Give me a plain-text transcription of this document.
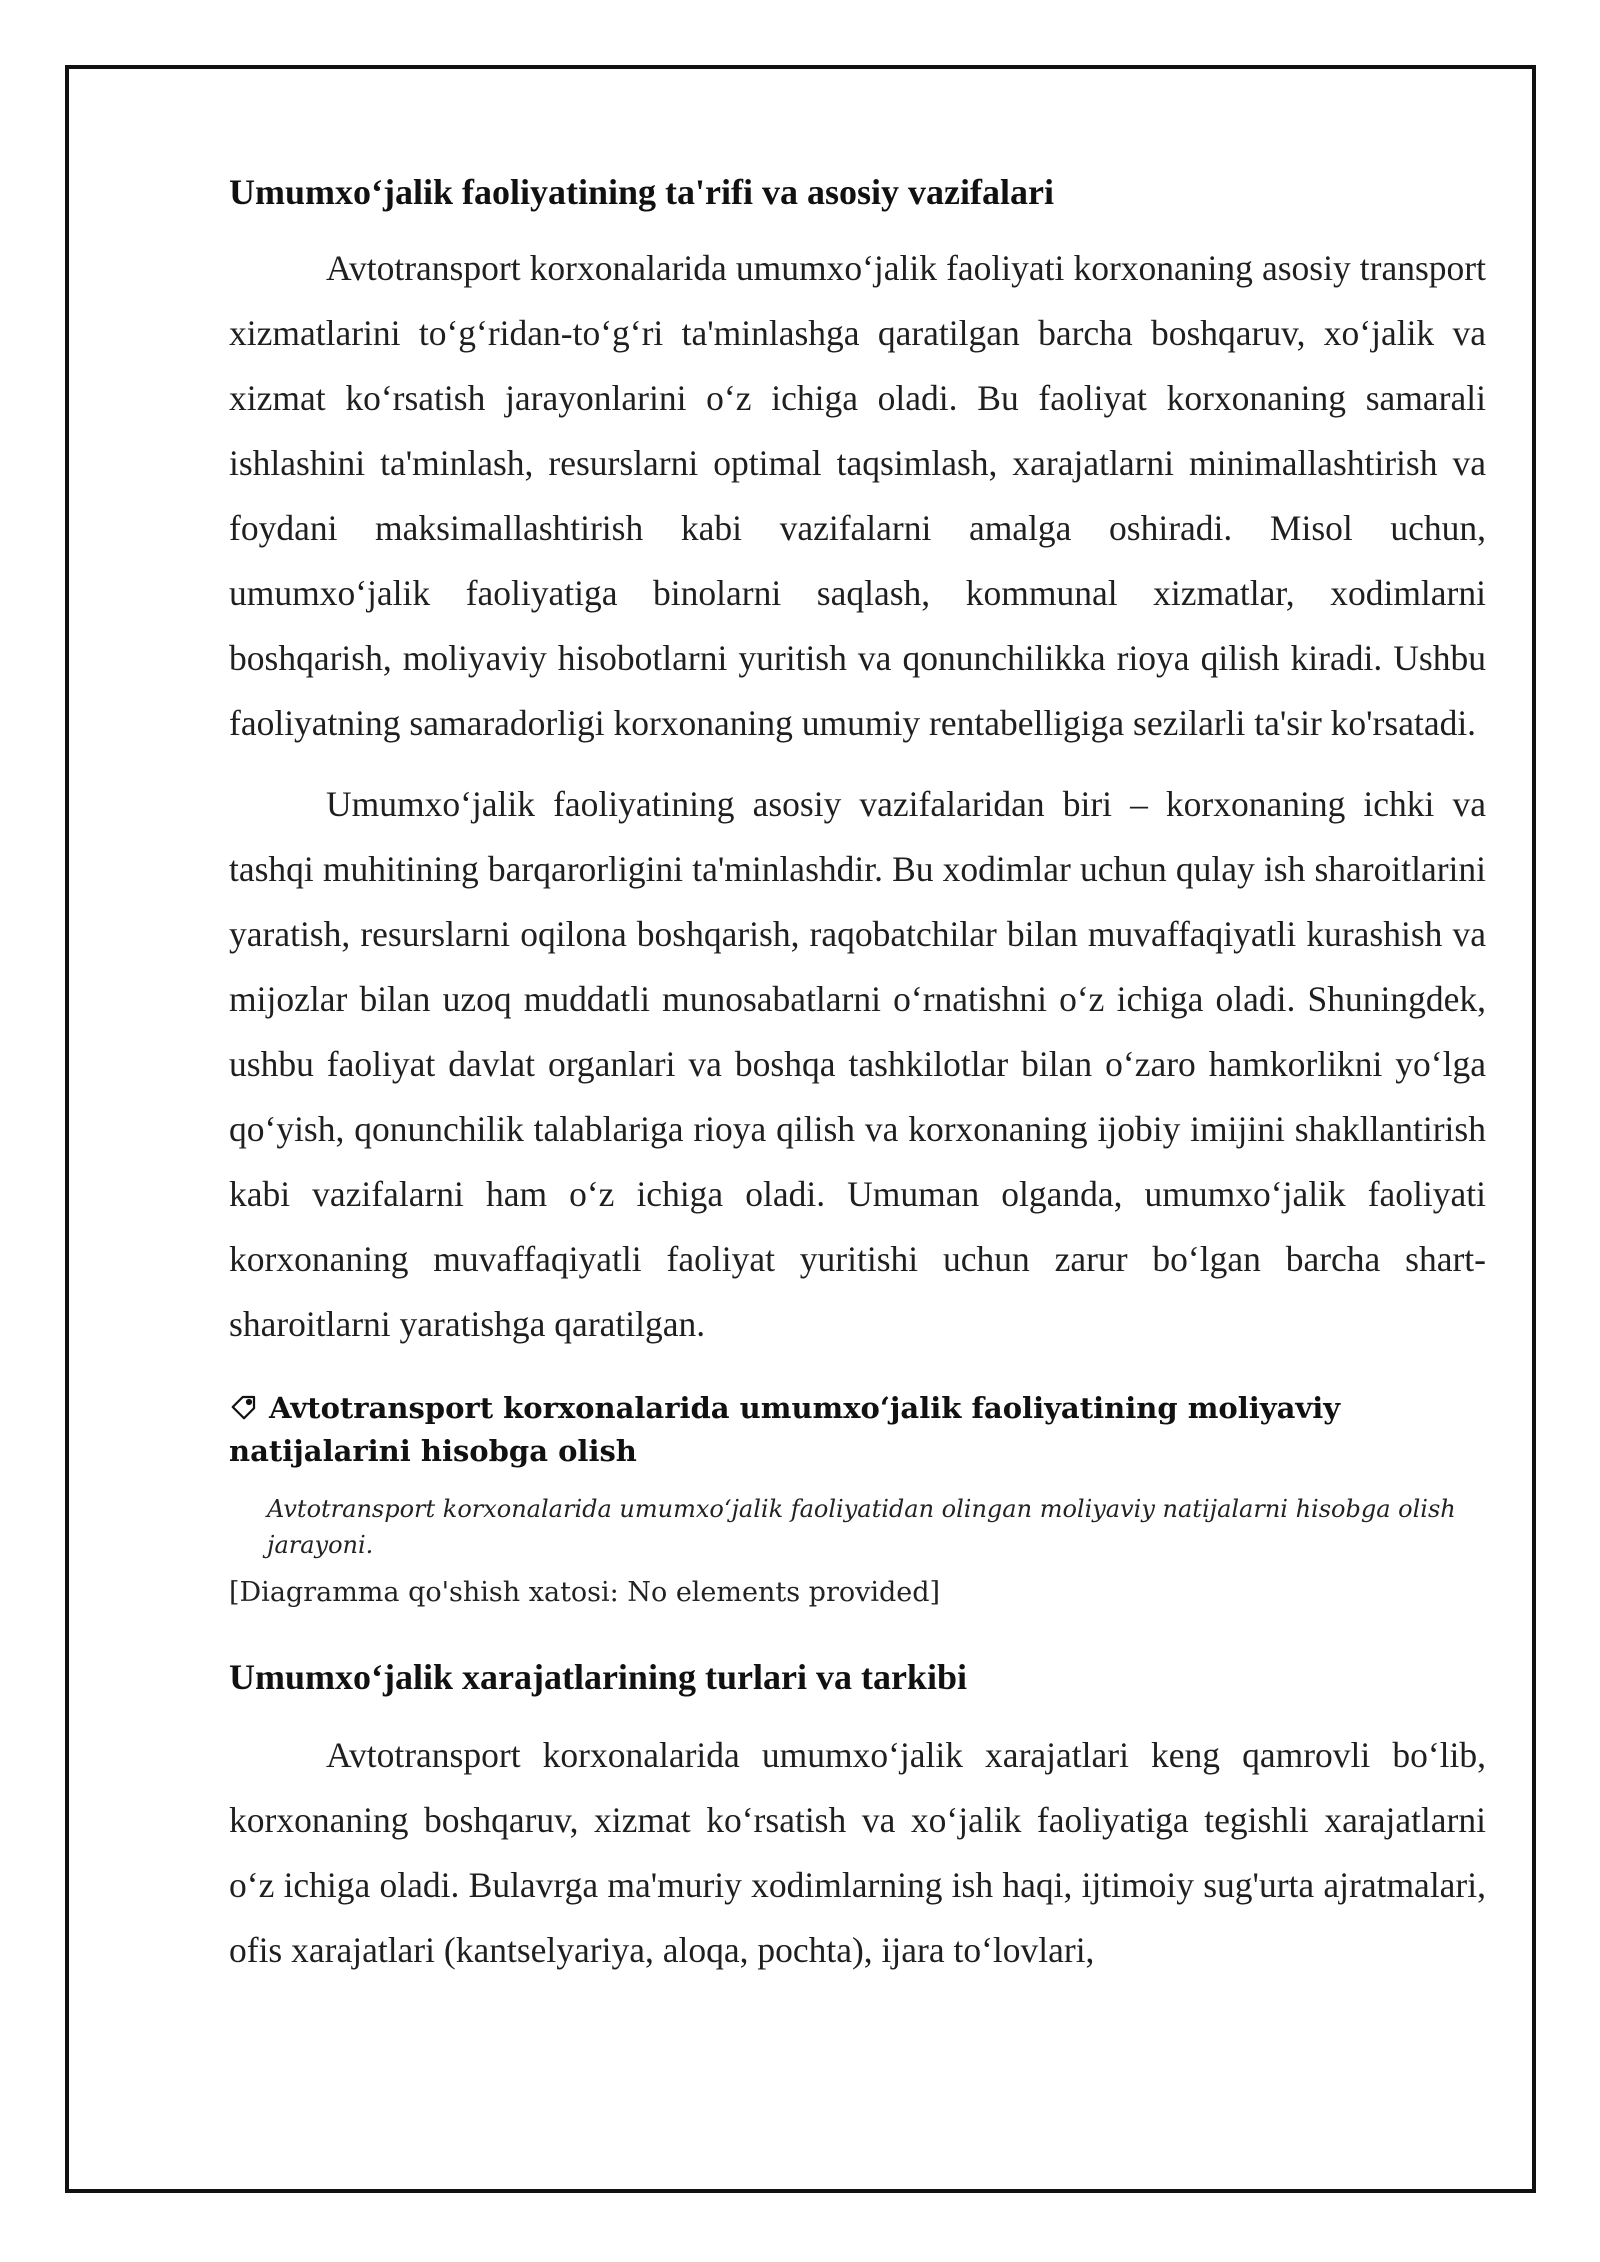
Umumxo‘jalik faoliyatining ta'rifi va asosiy vazifalari

Avtotransport korxonalarida umumxo‘jalik faoliyati korxonaning asosiy transport xizmatlarini to‘g‘ridan-to‘g‘ri ta'minlashga qaratilgan barcha boshqaruv, xo‘jalik va xizmat ko‘rsatish jarayonlarini o‘z ichiga oladi. Bu faoliyat korxonaning samarali ishlashini ta'minlash, resurslarni optimal taqsimlash, xarajatlarni minimallashtirish va foydani maksimallashtirish kabi vazifalarni amalga oshiradi. Misol uchun, umumxo‘jalik faoliyatiga binolarni saqlash, kommunal xizmatlar, xodimlarni boshqarish, moliyaviy hisobotlarni yuritish va qonunchilikka rioya qilish kiradi. Ushbu faoliyatning samaradorligi korxonaning umumiy rentabelligiga sezilarli ta'sir ko'rsatadi.

Umumxo‘jalik faoliyatining asosiy vazifalaridan biri – korxonaning ichki va tashqi muhitining barqarorligini ta'minlashdir. Bu xodimlar uchun qulay ish sharoitlarini yaratish, resurslarni oqilona boshqarish, raqobatchilar bilan muvaffaqiyatli kurashish va mijozlar bilan uzoq muddatli munosabatlarni o‘rnatishni o‘z ichiga oladi. Shuningdek, ushbu faoliyat davlat organlari va boshqa tashkilotlar bilan o‘zaro hamkorlikni yo‘lga qo‘yish, qonunchilik talablariga rioya qilish va korxonaning ijobiy imijini shakllantirish kabi vazifalarni ham o‘z ichiga oladi. Umuman olganda, umumxo‘jalik faoliyati korxonaning muvaffaqiyatli faoliyat yuritishi uchun zarur bo‘lgan barcha shart-sharoitlarni yaratishga qaratilgan.

Avtotransport korxonalarida umumxo‘jalik faoliyatining moliyaviy natijalarini hisobga olish

Avtotransport korxonalarida umumxo‘jalik faoliyatidan olingan moliyaviy natijalarni hisobga olish jarayoni.

[Diagramma qo'shish xatosi: No elements provided]

Umumxo‘jalik xarajatlarining turlari va tarkibi

Avtotransport korxonalarida umumxo‘jalik xarajatlari keng qamrovli bo‘lib, korxonaning boshqaruv, xizmat ko‘rsatish va xo‘jalik faoliyatiga tegishli xarajatlarni o‘z ichiga oladi. Bulavrga ma'muriy xodimlarning ish haqi, ijtimoiy sug'urta ajratmalari, ofis xarajatlari (kantselyariya, aloqa, pochta), ijara to‘lovlari,
